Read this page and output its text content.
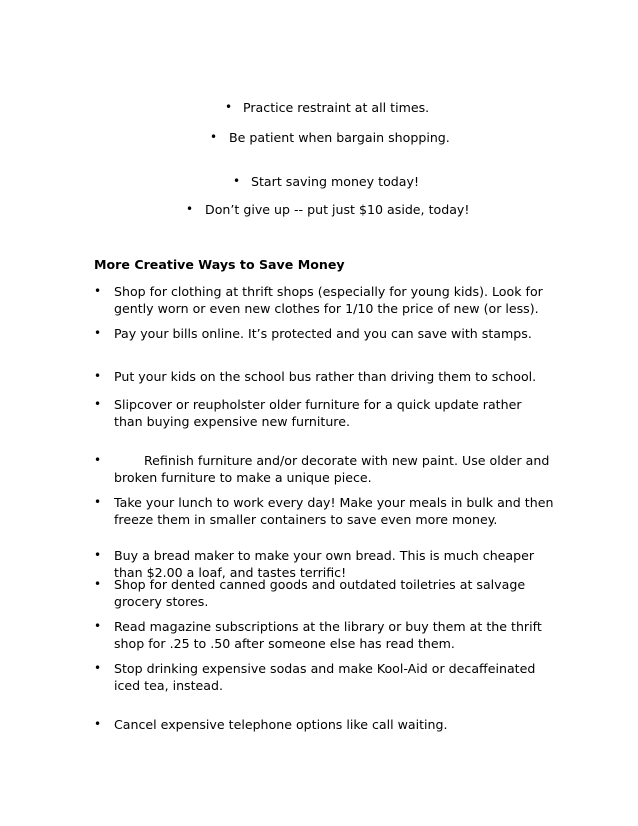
• Practice restraint at all times.
• Be patient when bargain shopping.
• Start saving money today!
• Don’t give up -- put just $10 aside, today!
More Creative Ways to Save Money
• Shop for clothing at thrift shops (especially for young kids). Look for gently worn or even new clothes for 1/10 the price of new (or less).
• Pay your bills online. It’s protected and you can save with stamps.
• Put your kids on the school bus rather than driving them to school.
• Slipcover or reupholster older furniture for a quick update rather than buying expensive new furniture.
•	Refinish furniture and/or decorate with new paint. Use older and broken furniture to make a unique piece.
• Take your lunch to work every day! Make your meals in bulk and then freeze them in smaller containers to save even more money.
• Buy a bread maker to make your own bread. This is much cheaper than $2.00 a loaf, and tastes terrific!
• Shop for dented canned goods and outdated toiletries at salvage grocery stores.
• Read magazine subscriptions at the library or buy them at the thrift shop for .25 to .50 after someone else has read them.
• Stop drinking expensive sodas and make Kool-Aid or decaffeinated iced tea, instead.
• Cancel expensive telephone options like call waiting.
